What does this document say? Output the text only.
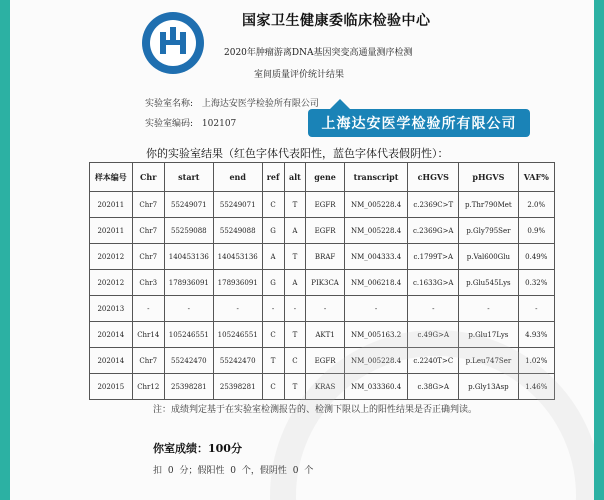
国家卫生健康委临床检验中心
2020年肿瘤游离DNA基因突变高通量测序检测
室间质量评价统计结果
实验室名称: 上海达安医学检验所有限公司
实验室编码: 102107	上海达安医学检验所有限公司
你的实验室结果（红色字体代表阳性，蓝色字体代表假阴性）：
样本编号	Chr	start	end	ref	alt	gene	transcript	cHGVS	pHGVS	VAF%
202011	Chr7	55249071	55249071	C	T	EGFR	NM_005228.4	c.2369C>T	p.Thr790Met	2.0%
202011	Chr7	55259088	55249088	G	A	EGFR	NM_005228.4	c.2369G>A	p.Gly795Ser	0.9%
202012	Chr7	140453136	140453136	A	T	BRAF	NM_004333.4	c.1799T>A	p.Val600Glu	0.49%
202012	Chr3	178936091	178936091	G	A	PIK3CA	NM_006218.4	c.1633G>A	p.Glu545Lys	0.32%
202013	-	-	-	-	-	-	-	-	-	-
202014	Chr14	105246551	105246551	C	T	AKT1	NM_005163.2	c.49G>A	p.Glu17Lys	4.93%
202014	Chr7	55242470	55242470	T	C	EGFR	NM_005228.4	c.2240T>C	p.Leu747Ser	1.02%
202015	Chr12	25398281	25398281	C	T	KRAS	NM_033360.4	c.38G>A	p.Gly13Asp	1.46%
注：成绩判定基于在实验室检测报告的、检测下限以上的阳性结果是否正确判读。
你室成绩：100分
扣 0 分；假阳性 0 个，假阴性 0 个
